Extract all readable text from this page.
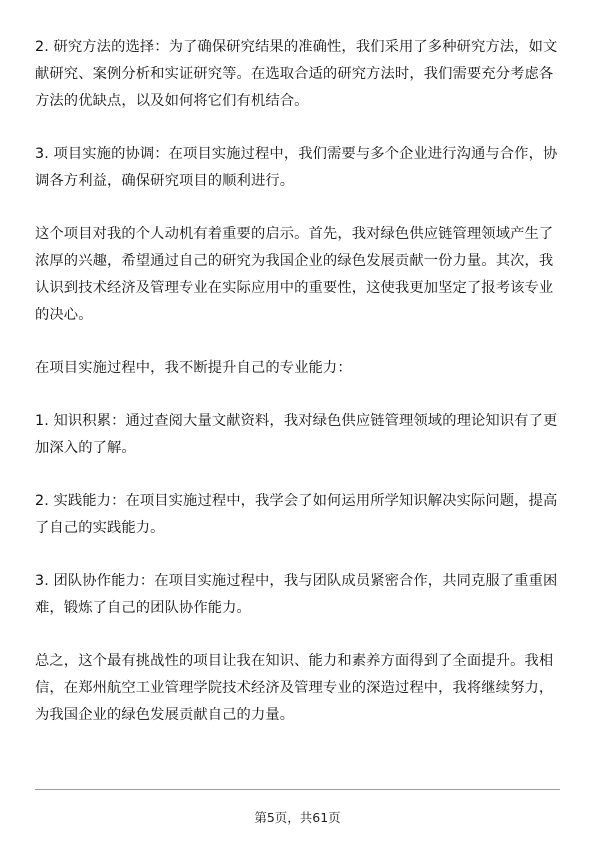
2. 研究方法的选择：为了确保研究结果的准确性，我们采用了多种研究方法，如文献研究、案例分析和实证研究等。在选取合适的研究方法时，我们需要充分考虑各方法的优缺点，以及如何将它们有机结合。

3. 项目实施的协调：在项目实施过程中，我们需要与多个企业进行沟通与合作，协调各方利益，确保研究项目的顺利进行。

这个项目对我的个人动机有着重要的启示。首先，我对绿色供应链管理领域产生了浓厚的兴趣，希望通过自己的研究为我国企业的绿色发展贡献一份力量。其次，我认识到技术经济及管理专业在实际应用中的重要性，这使我更加坚定了报考该专业的决心。

在项目实施过程中，我不断提升自己的专业能力：

1. 知识积累：通过查阅大量文献资料，我对绿色供应链管理领域的理论知识有了更加深入的了解。

2. 实践能力：在项目实施过程中，我学会了如何运用所学知识解决实际问题，提高了自己的实践能力。

3. 团队协作能力：在项目实施过程中，我与团队成员紧密合作，共同克服了重重困难，锻炼了自己的团队协作能力。

总之，这个最有挑战性的项目让我在知识、能力和素养方面得到了全面提升。我相信，在郑州航空工业管理学院技术经济及管理专业的深造过程中，我将继续努力，为我国企业的绿色发展贡献自己的力量。

第5页，共61页
